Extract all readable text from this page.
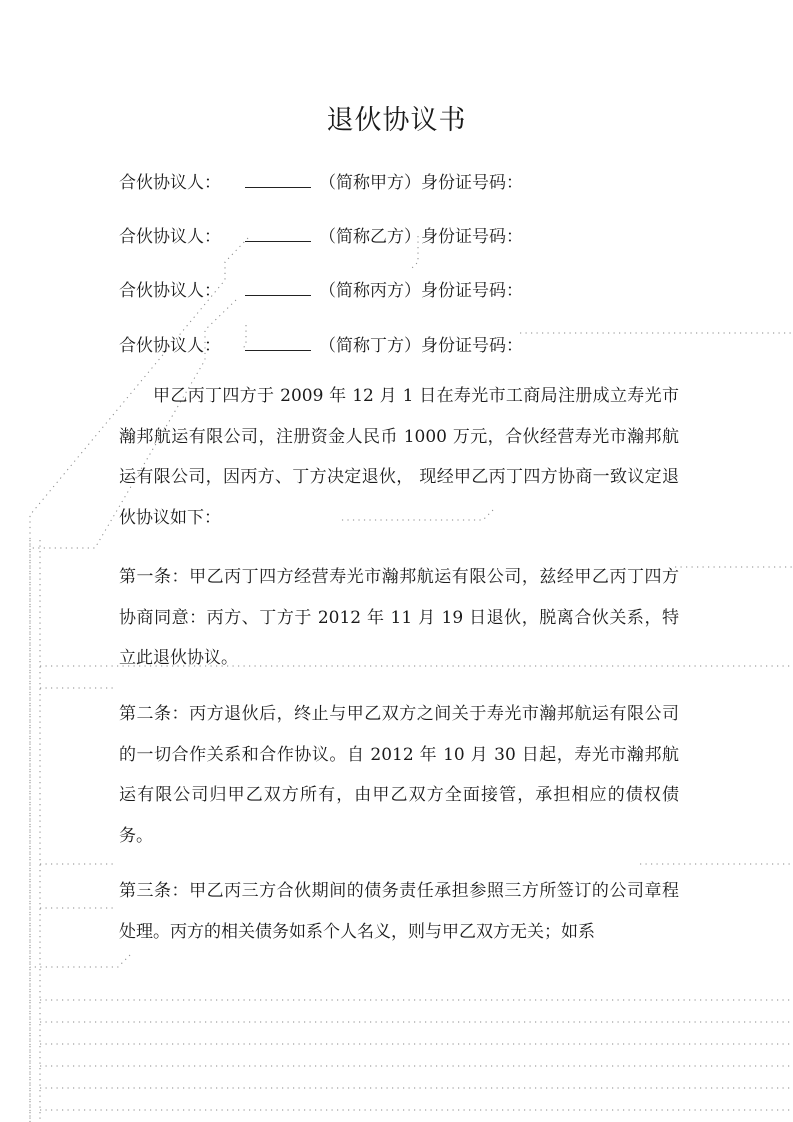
退伙协议书
合伙协议人：	（简称甲方） 身份证号码：
合伙协议人：	（简称乙方） 身份证号码：
合伙协议人：	（简称丙方） 身份证号码：
合伙协议人：	（简称丁方） 身份证号码：
甲乙丙丁四方于 2009 年 12 月 1 日在寿光市工商局注册成立寿光市瀚邦航运有限公司，注册资金人民币 1000 万元，合伙经营寿光市瀚邦航运有限公司，因丙方、丁方决定退伙， 现经甲乙丙丁四方协商一致议定退伙协议如下：
第一条：甲乙丙丁四方经营寿光市瀚邦航运有限公司，兹经甲乙丙丁四方协商同意：丙方、丁方于 2012 年 11 月 19 日退伙，脱离合伙关系，特立此退伙协议。
第二条：丙方退伙后，终止与甲乙双方之间关于寿光市瀚邦航运有限公司的一切合作关系和合作协议。自 2012 年 10 月 30 日起，寿光市瀚邦航运有限公司归甲乙双方所有，由甲乙双方全面接管，承担相应的债权债务。
第三条：甲乙丙三方合伙期间的债务责任承担参照三方所签订的公司章程处理。丙方的相关债务如系个人名义，则与甲乙双方无关；如系
